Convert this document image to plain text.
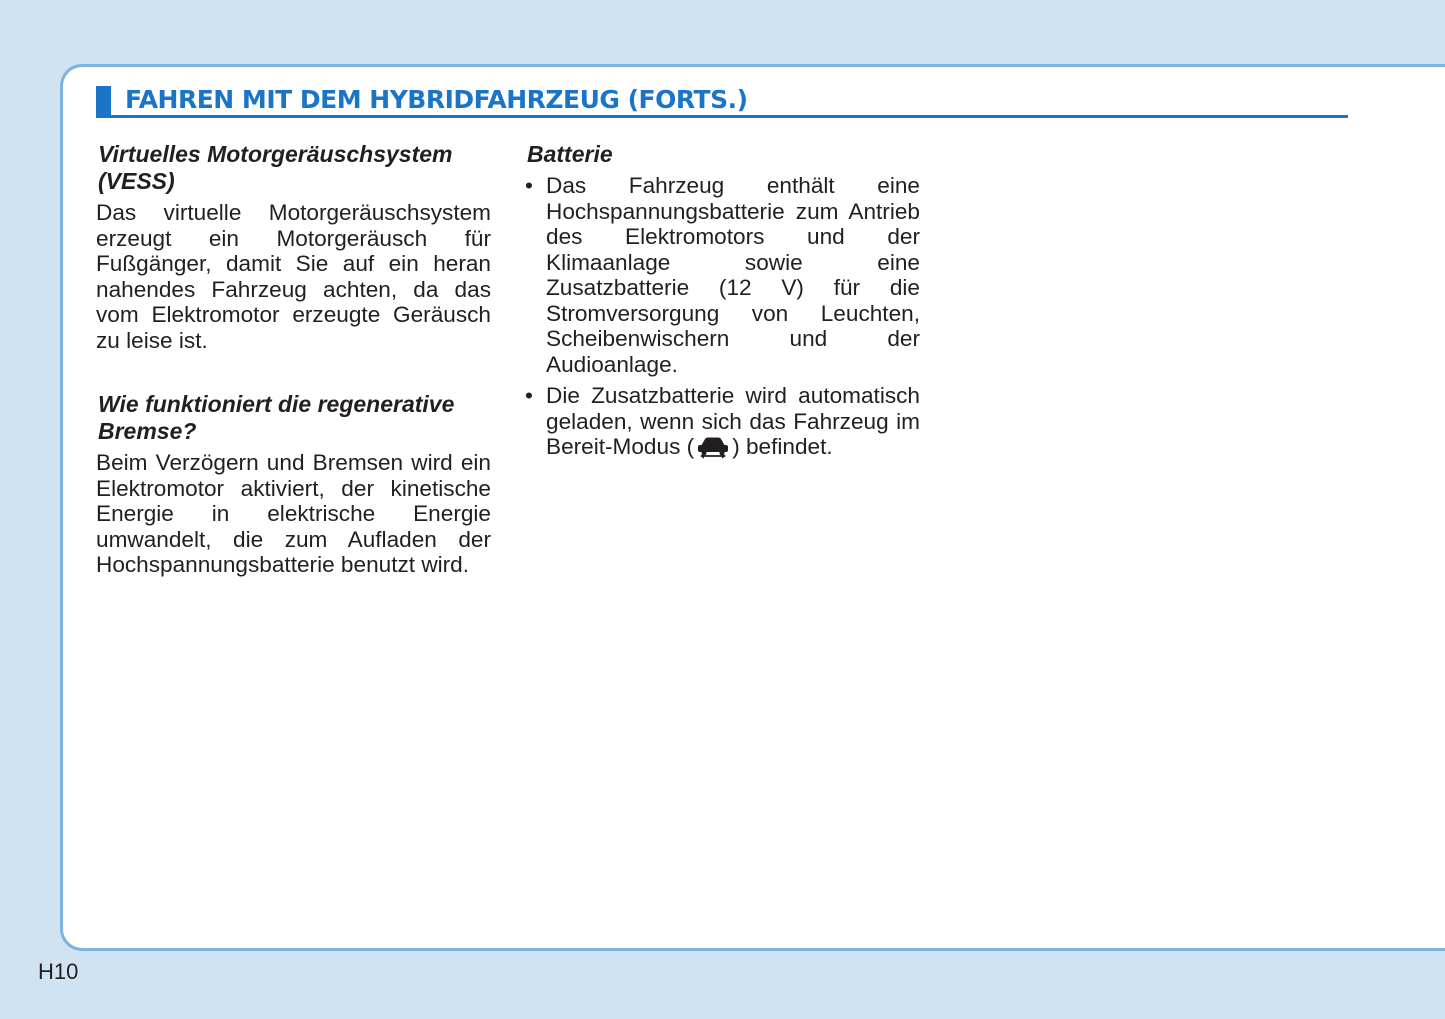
FAHREN MIT DEM HYBRIDFAHRZEUG (FORTS.)
Virtuelles Motorgeräuschsystem (VESS)

Das virtuelle Motorgeräuschsystem erzeugt ein Motorgeräusch für Fußgänger, damit Sie auf ein heran nahendes Fahrzeug achten, da das vom Elektromotor erzeugte Geräusch zu leise ist.

Wie funktioniert die regenerative Bremse?

Beim Verzögern und Bremsen wird ein Elektromotor aktiviert, der kinetische Energie in elektrische Energie umwandelt, die zum Aufladen der Hochspannungsbatterie benutzt wird.

Batterie
• Das Fahrzeug enthält eine Hochspannungsbatterie zum Antrieb des Elektromotors und der Klimaanlage sowie eine Zusatzbatterie (12 V) für die Stromversorgung von Leuchten, Scheibenwischern und der Audioanlage.
• Die Zusatzbatterie wird automatisch geladen, wenn sich das Fahrzeug im Bereit-Modus ( ) befindet.
H10
